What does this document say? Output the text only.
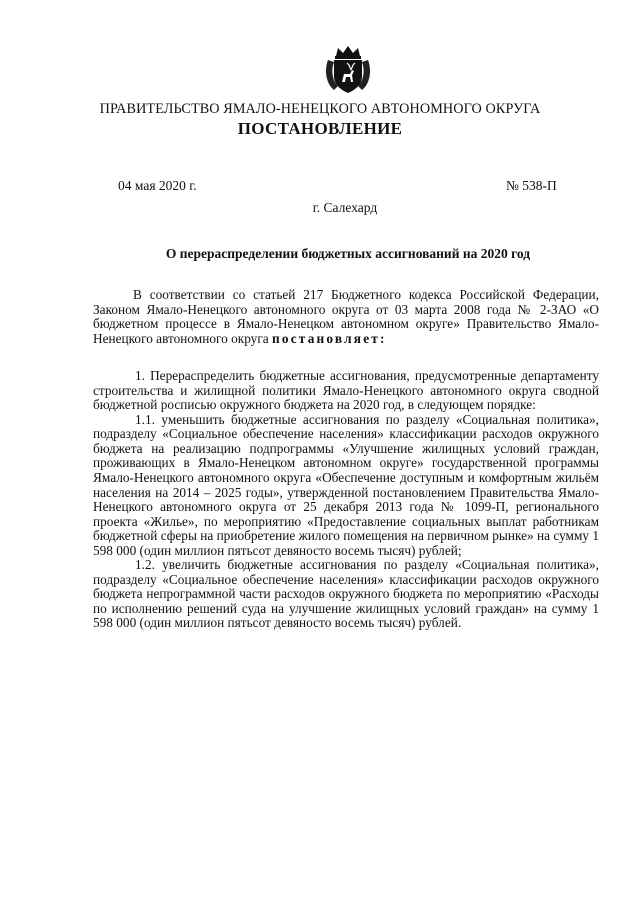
ПРАВИТЕЛЬСТВО ЯМАЛО-НЕНЕЦКОГО АВТОНОМНОГО ОКРУГА
ПОСТАНОВЛЕНИЕ
04 мая 2020 г.	№ 538-П
г. Салехард
О перераспределении бюджетных ассигнований на 2020 год

В соответствии со статьей 217 Бюджетного кодекса Российской Федерации, Законом Ямало-Ненецкого автономного округа от 03 марта 2008 года № 2-ЗАО «О бюджетном процессе в Ямало-Ненецком автономном округе» Правительство Ямало-Ненецкого автономного округа постановляет:

1. Перераспределить бюджетные ассигнования, предусмотренные департаменту строительства и жилищной политики Ямало-Ненецкого автономного округа сводной бюджетной росписью окружного бюджета на 2020 год, в следующем порядке:

1.1. уменьшить бюджетные ассигнования по разделу «Социальная политика», подразделу «Социальное обеспечение населения» классификации расходов окружного бюджета на реализацию подпрограммы «Улучшение жилищных условий граждан, проживающих в Ямало-Ненецком автономном округе» государственной программы Ямало-Ненецкого автономного округа «Обеспечение доступным и комфортным жильём населения на 2014 – 2025 годы», утвержденной постановлением Правительства Ямало-Ненецкого автономного округа от 25 декабря 2013 года № 1099-П, регионального проекта «Жилье», по мероприятию «Предоставление социальных выплат работникам бюджетной сферы на приобретение жилого помещения на первичном рынке» на сумму 1 598 000 (один миллион пятьсот девяносто восемь тысяч) рублей;

1.2. увеличить бюджетные ассигнования по разделу «Социальная политика», подразделу «Социальное обеспечение населения» классификации расходов окружного бюджета непрограммной части расходов окружного бюджета по мероприятию «Расходы по исполнению решений суда на улучшение жилищных условий граждан» на сумму 1 598 000 (один миллион пятьсот девяносто восемь тысяч) рублей.
